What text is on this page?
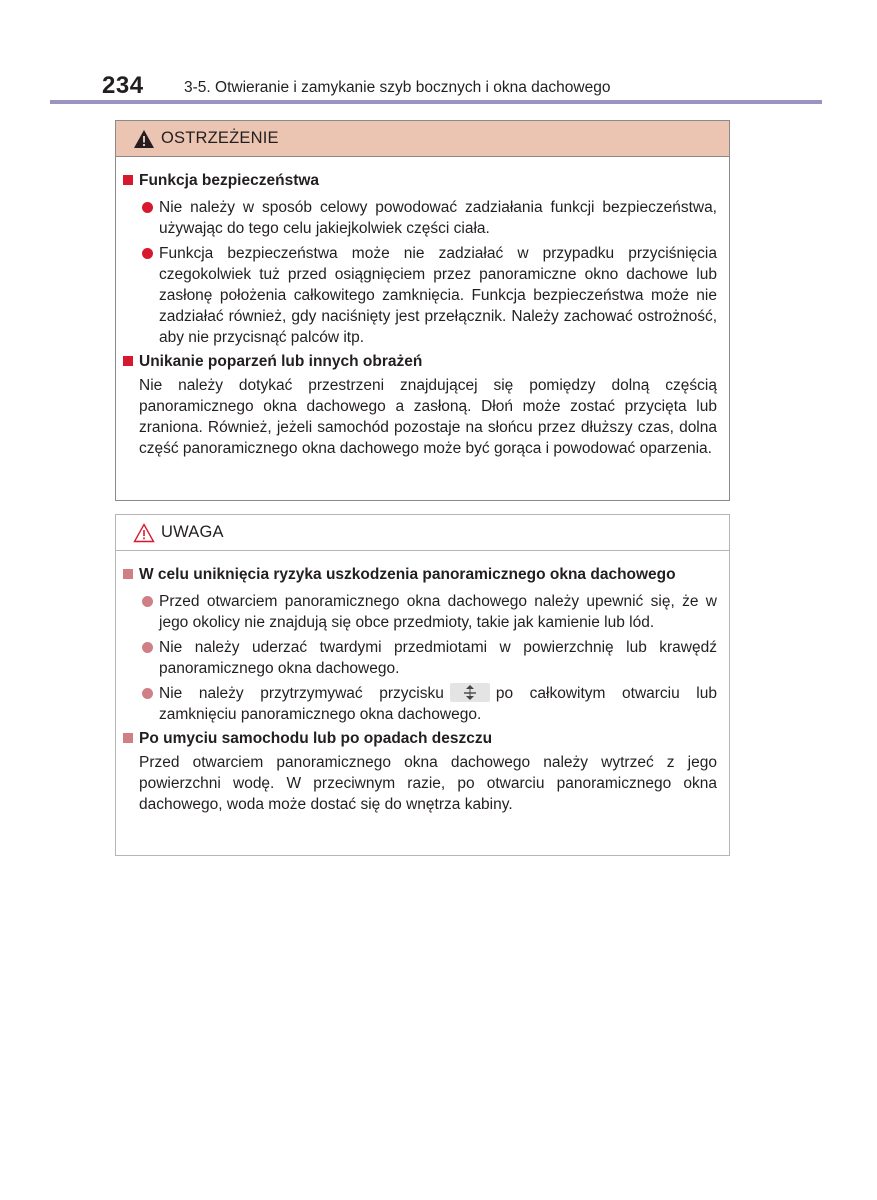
234	3-5. Otwieranie i zamykanie szyb bocznych i okna dachowego
OSTRZEŻENIE
Funkcja bezpieczeństwa
Nie należy w sposób celowy powodować zadziałania funkcji bezpieczeństwa, używając do tego celu jakiejkolwiek części ciała.
Funkcja bezpieczeństwa może nie zadziałać w przypadku przyciśnięcia czegokolwiek tuż przed osiągnięciem przez panoramiczne okno dachowe lub zasłonę położenia całkowitego zamknięcia. Funkcja bezpieczeństwa może nie zadziałać również, gdy naciśnięty jest przełącznik. Należy zachować ostrożność, aby nie przycisnąć palców itp.
Unikanie poparzeń lub innych obrażeń
Nie należy dotykać przestrzeni znajdującej się pomiędzy dolną częścią panoramicznego okna dachowego a zasłoną. Dłoń może zostać przycięta lub zraniona. Również, jeżeli samochód pozostaje na słońcu przez dłuższy czas, dolna część panoramicznego okna dachowego może być gorąca i powodować oparzenia.
UWAGA
W celu uniknięcia ryzyka uszkodzenia panoramicznego okna dachowego
Przed otwarciem panoramicznego okna dachowego należy upewnić się, że w jego okolicy nie znajdują się obce przedmioty, takie jak kamienie lub lód.
Nie należy uderzać twardymi przedmiotami w powierzchnię lub krawędź panoramicznego okna dachowego.
Nie należy przytrzymywać przycisku	po całkowitym otwarciu lub zamknięciu panoramicznego okna dachowego.
Po umyciu samochodu lub po opadach deszczu
Przed otwarciem panoramicznego okna dachowego należy wytrzeć z jego powierzchni wodę. W przeciwnym razie, po otwarciu panoramicznego okna dachowego, woda może dostać się do wnętrza kabiny.
